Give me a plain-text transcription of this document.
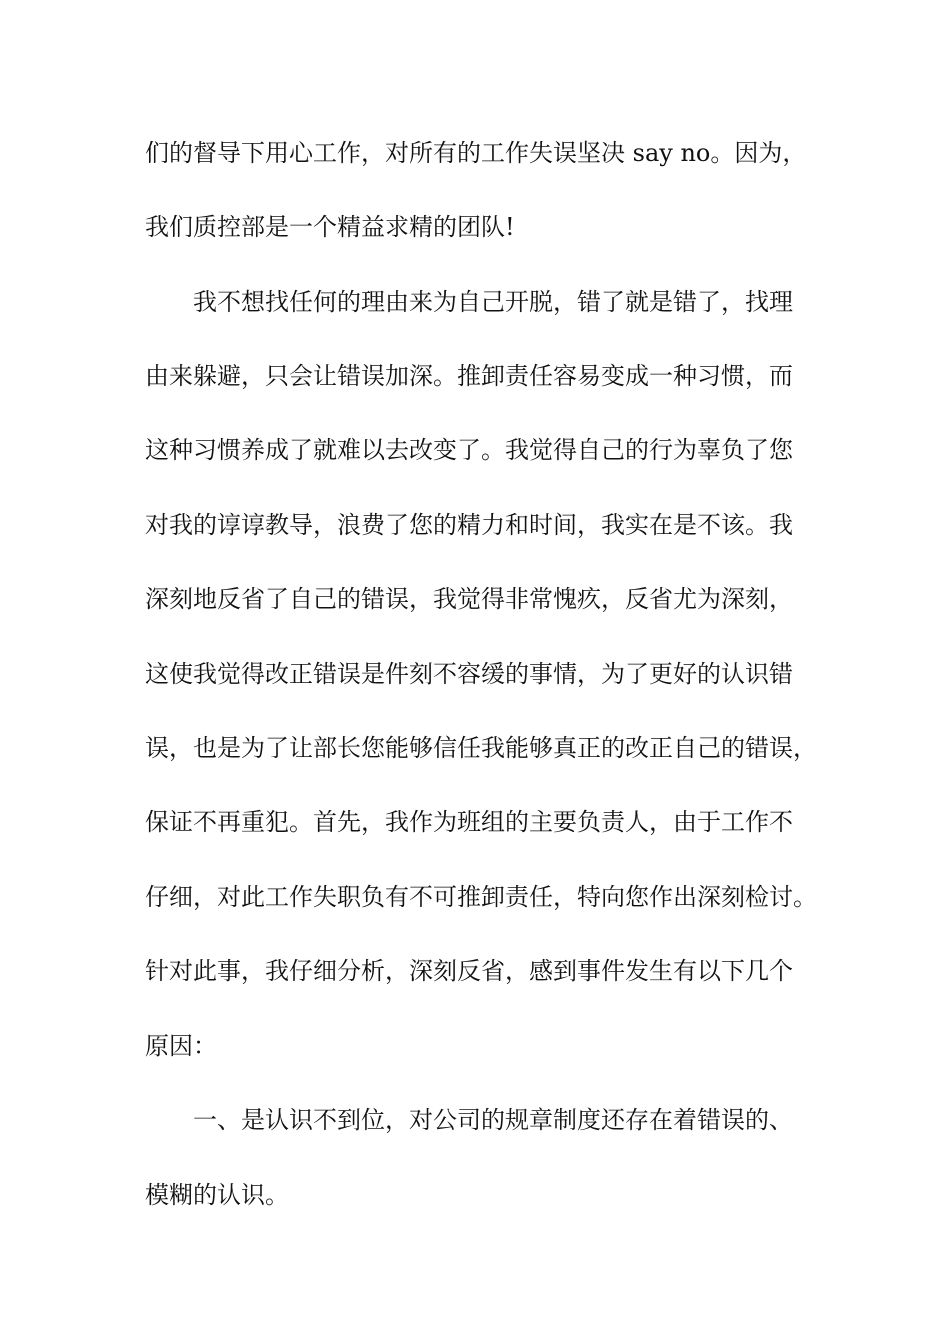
们的督导下用心工作，对所有的工作失误坚决 say no。因为，
我们质控部是一个精益求精的团队!
我不想找任何的理由来为自己开脱，错了就是错了，找理
由来躲避，只会让错误加深。推卸责任容易变成一种习惯，而
这种习惯养成了就难以去改变了。我觉得自己的行为辜负了您
对我的谆谆教导，浪费了您的精力和时间，我实在是不该。我
深刻地反省了自己的错误，我觉得非常愧疚，反省尤为深刻，
这使我觉得改正错误是件刻不容缓的事情，为了更好的认识错
误，也是为了让部长您能够信任我能够真正的改正自己的错误，
保证不再重犯。首先，我作为班组的主要负责人，由于工作不
仔细，对此工作失职负有不可推卸责任，特向您作出深刻检讨。
针对此事，我仔细分析，深刻反省，感到事件发生有以下几个
原因：
一、是认识不到位，对公司的规章制度还存在着错误的、
模糊的认识。
